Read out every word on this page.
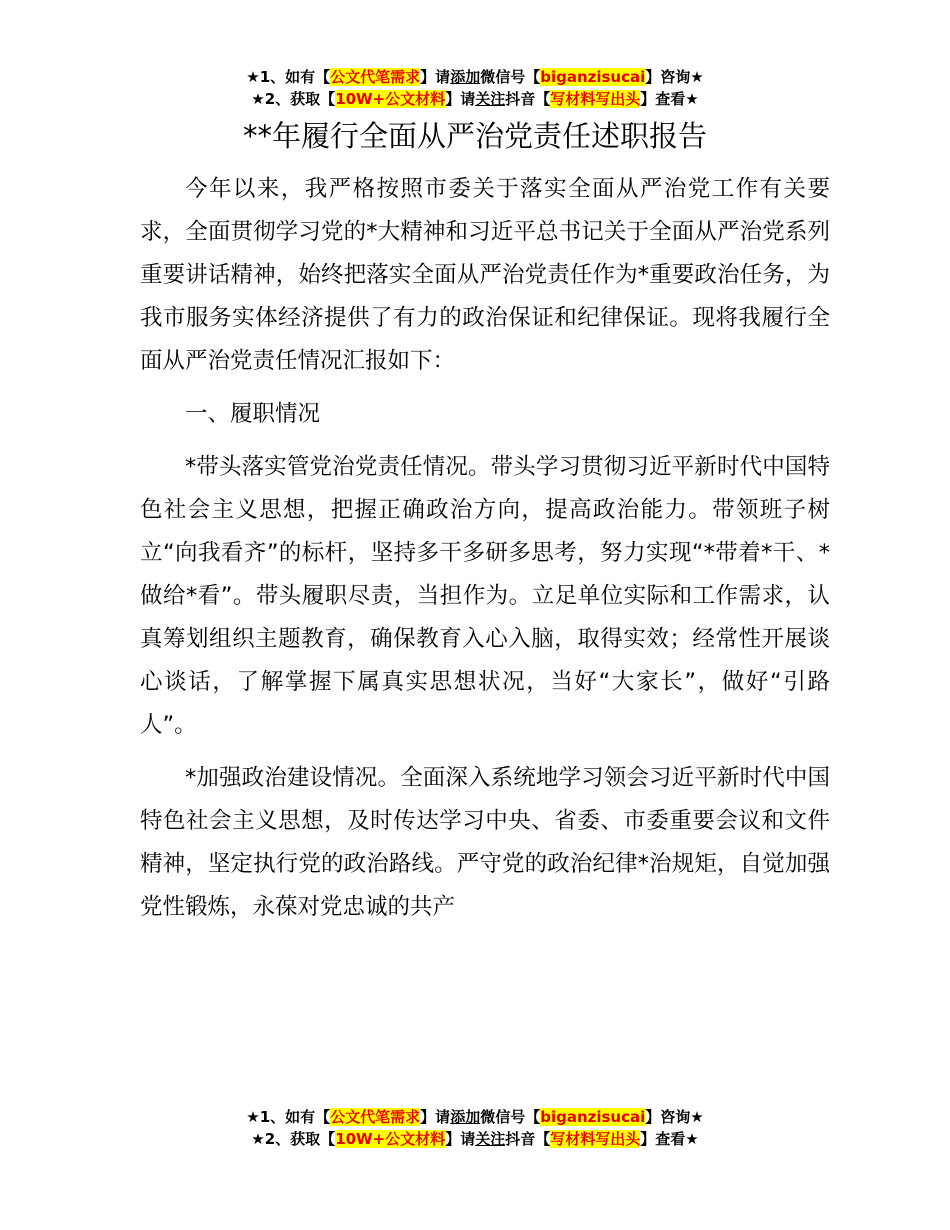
★1、如有【公文代笔需求】请添加微信号【biganzisucai】咨询★
★2、获取【10W+公文材料】请关注抖音【写材料写出头】查看★
**年履行全面从严治党责任述职报告

今年以来，我严格按照市委关于落实全面从严治党工作有关要求，全面贯彻学习党的*大精神和习近平总书记关于全面从严治党系列重要讲话精神，始终把落实全面从严治党责任作为*重要政治任务，为我市服务实体经济提供了有力的政治保证和纪律保证。现将我履行全面从严治党责任情况汇报如下：

一、履职情况

*带头落实管党治党责任情况。带头学习贯彻习近平新时代中国特色社会主义思想，把握正确政治方向，提高政治能力。带领班子树立“向我看齐”的标杆，坚持多干多研多思考，努力实现“*带着*干、*做给*看”。带头履职尽责，当担作为。立足单位实际和工作需求，认真筹划组织主题教育，确保教育入心入脑，取得实效；经常性开展谈心谈话，了解掌握下属真实思想状况，当好“大家长”，做好“引路人”。

*加强政治建设情况。全面深入系统地学习领会习近平新时代中国特色社会主义思想，及时传达学习中央、省委、市委重要会议和文件精神，坚定执行党的政治路线。严守党的政治纪律*治规矩，自觉加强党性锻炼，永葆对党忠诚的共产

★1、如有【公文代笔需求】请添加微信号【biganzisucai】咨询★
★2、获取【10W+公文材料】请关注抖音【写材料写出头】查看★
